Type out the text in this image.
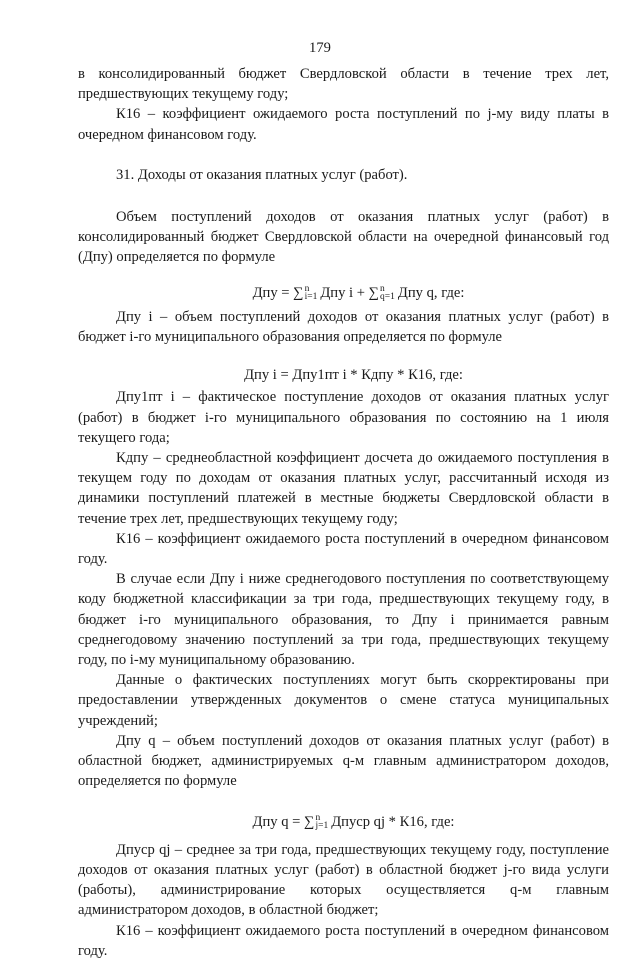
179

в консолидированный бюджет Свердловской области в течение трех лет, предшествующих текущему году;

К16 – коэффициент ожидаемого роста поступлений по j-му виду платы в очередном финансовом году.

31. Доходы от оказания платных услуг (работ).

Объем поступлений доходов от оказания платных услуг (работ) в консолидированный бюджет Свердловской области на очередной финансовый год (Дпу) определяется по формуле

Дпу = ∑ n
i=1 Дпу i + ∑ n
q=1 Дпу q, где:

Дпу i – объем поступлений доходов от оказания платных услуг (работ) в бюджет i-го муниципального образования определяется по формуле

Дпу i = Дпу1пт i * Кдпу * К16, где:

Дпу1пт i – фактическое поступление доходов от оказания платных услуг (работ) в бюджет i-го муниципального образования по состоянию на 1 июля текущего года;

Кдпу – среднеобластной коэффициент досчета до ожидаемого поступления в текущем году по доходам от оказания платных услуг, рассчитанный исходя из динамики поступлений платежей в местные бюджеты Свердловской области в течение трех лет, предшествующих текущему году;

К16 – коэффициент ожидаемого роста поступлений в очередном финансовом году.

В случае если Дпу i ниже среднегодового поступления по соответствующему коду бюджетной классификации за три года, предшествующих текущему году, в бюджет i-го муниципального образования, то Дпу i принимается равным среднегодовому значению поступлений за три года, предшествующих текущему году, по i-му муниципальному образованию.

Данные о фактических поступлениях могут быть скорректированы при предоставлении утвержденных документов о смене статуса муниципальных учреждений;

Дпу q – объем поступлений доходов от оказания платных услуг (работ) в областной бюджет, администрируемых q-м главным администратором доходов, определяется по формуле

Дпу q = ∑ n
j=1 Дпуср qj * К16, где:

Дпуср qj – среднее за три года, предшествующих текущему году, поступление доходов от оказания платных услуг (работ) в областной бюджет j-го вида услуги (работы), администрирование которых осуществляется q-м главным администратором доходов, в областной бюджет;

К16 – коэффициент ожидаемого роста поступлений в очередном финансовом году.
